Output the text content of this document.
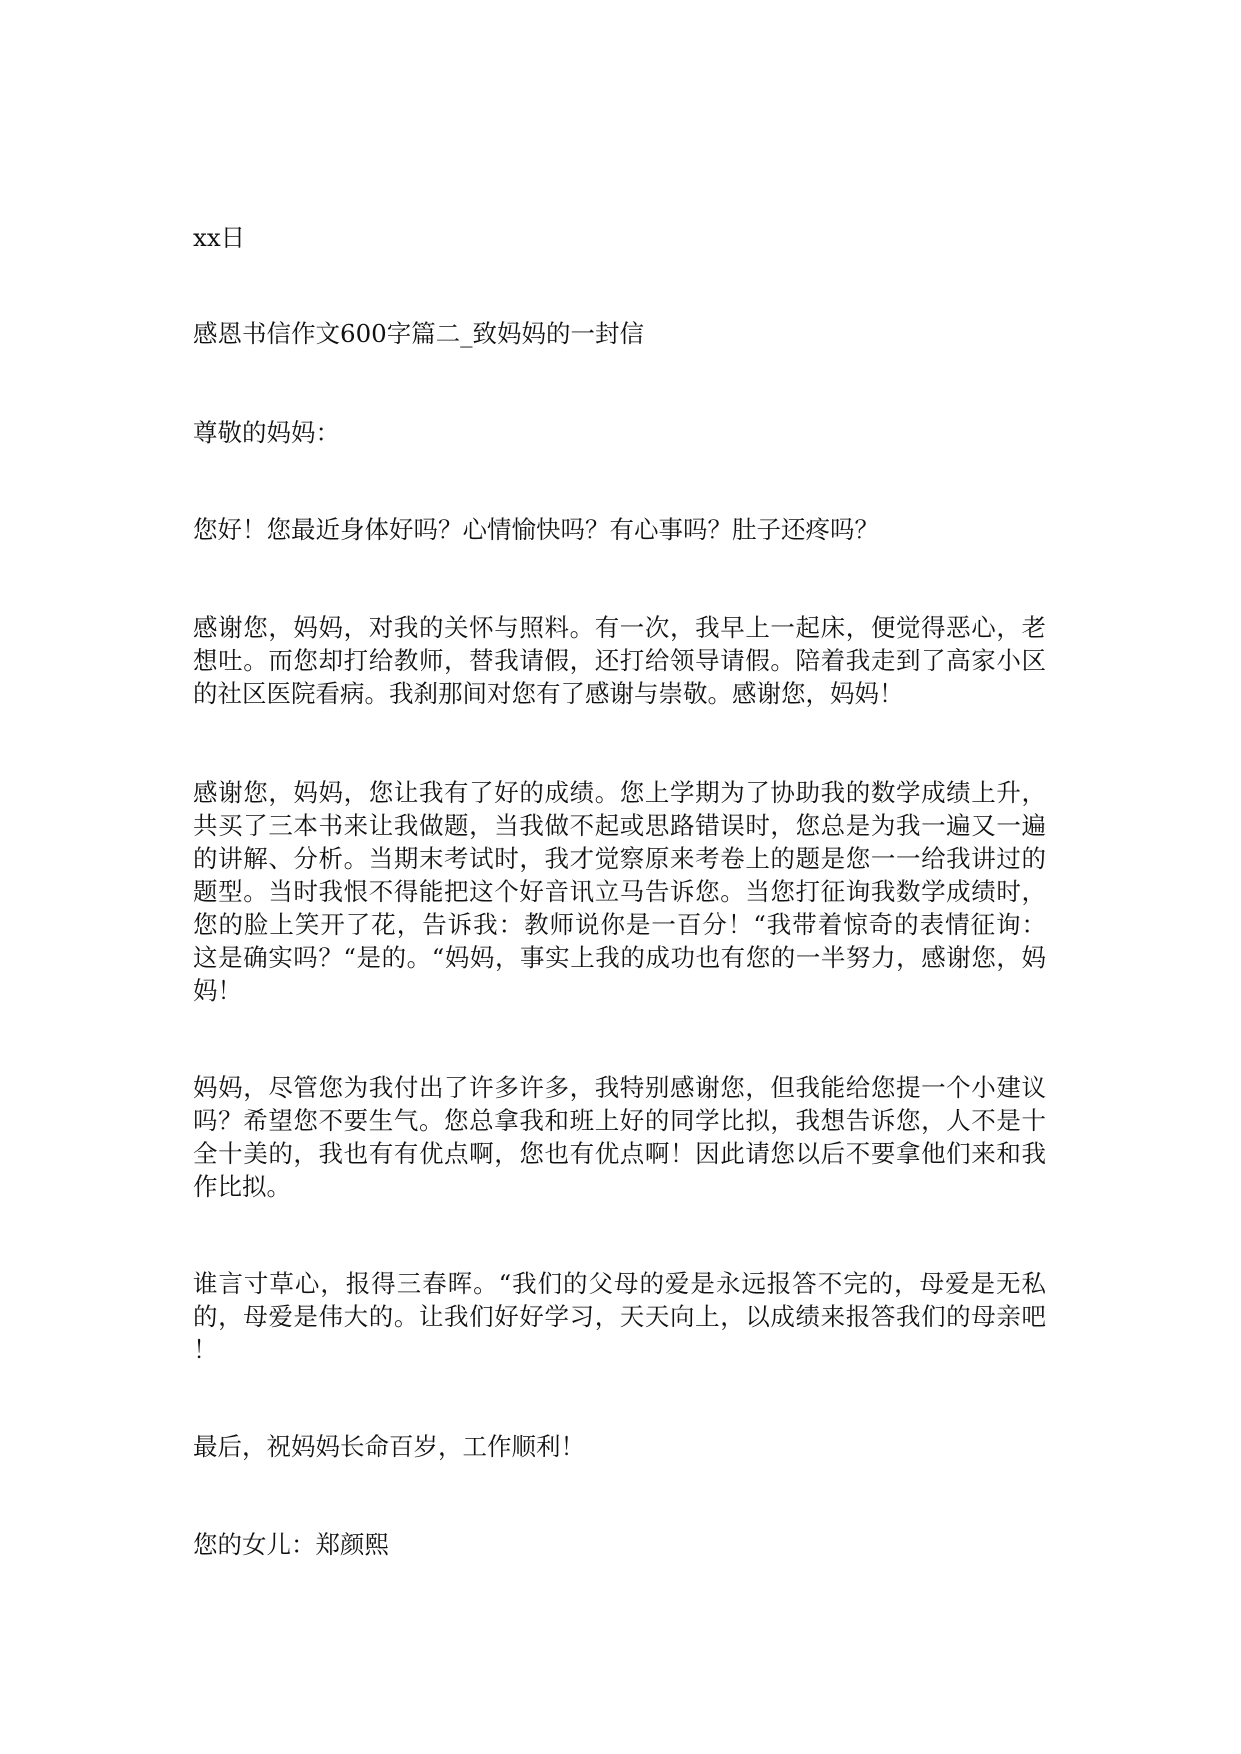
xx日
感恩书信作文600字篇二_致妈妈的一封信
尊敬的妈妈：
您好！您最近身体好吗？心情愉快吗？有心事吗？肚子还疼吗？
感谢您，妈妈，对我的关怀与照料。有一次，我早上一起床，便觉得恶心，老
想吐。而您却打给教师，替我请假，还打给领导请假。陪着我走到了高家小区
的社区医院看病。我刹那间对您有了感谢与崇敬。感谢您，妈妈！
感谢您，妈妈，您让我有了好的成绩。您上学期为了协助我的数学成绩上升，
共买了三本书来让我做题，当我做不起或思路错误时，您总是为我一遍又一遍
的讲解、分析。当期末考试时，我才觉察原来考卷上的题是您一一给我讲过的
题型。当时我恨不得能把这个好音讯立马告诉您。当您打征询我数学成绩时，
您的脸上笑开了花，告诉我：教师说你是一百分！“我带着惊奇的表情征询：
这是确实吗？“是的。“妈妈，事实上我的成功也有您的一半努力，感谢您，妈
妈！
妈妈，尽管您为我付出了许多许多，我特别感谢您，但我能给您提一个小建议
吗？希望您不要生气。您总拿我和班上好的同学比拟，我想告诉您，人不是十
全十美的，我也有有优点啊，您也有优点啊！因此请您以后不要拿他们来和我
作比拟。
谁言寸草心，报得三春晖。“我们的父母的爱是永远报答不完的，母爱是无私
的，母爱是伟大的。让我们好好学习，天天向上，以成绩来报答我们的母亲吧
！
最后，祝妈妈长命百岁，工作顺利！
您的女儿：郑颜熙
